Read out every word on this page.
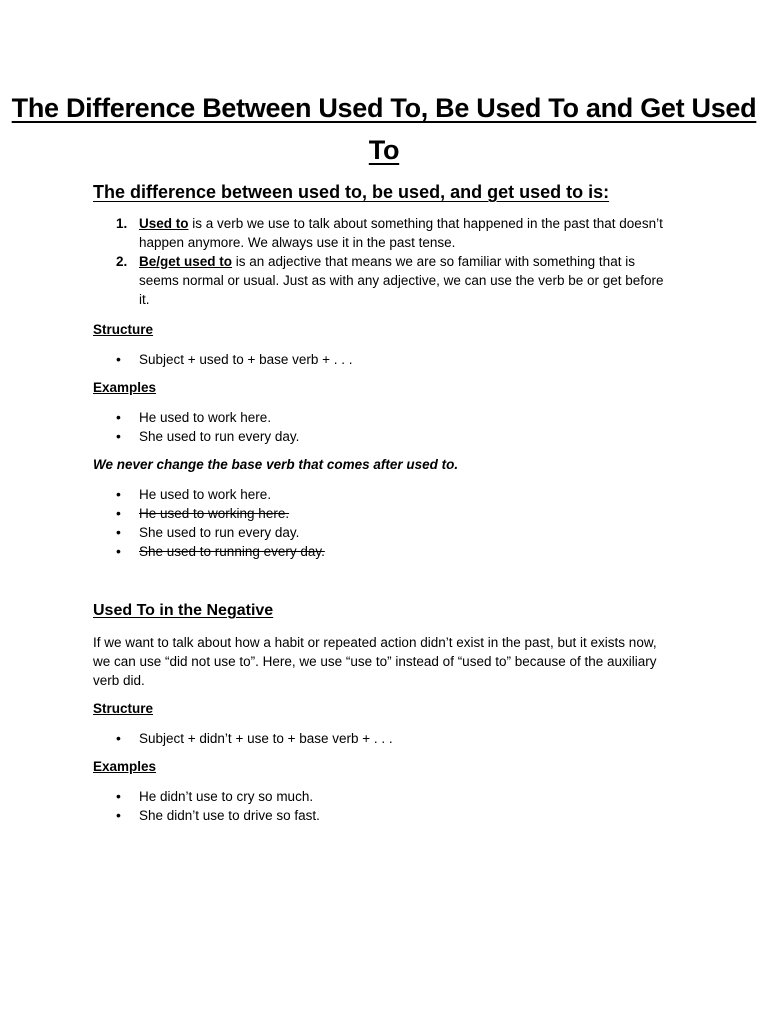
The Difference Between Used To, Be Used To and Get Used To
The difference between used to, be used, and get used to is:
1. Used to is a verb we use to talk about something that happened in the past that doesn’t happen anymore. We always use it in the past tense.
2. Be/get used to is an adjective that means we are so familiar with something that is seems normal or usual. Just as with any adjective, we can use the verb be or get before it.
Structure
• Subject + used to + base verb + . . .
Examples
• He used to work here.
• She used to run every day.
We never change the base verb that comes after used to.
• He used to work here.
• He used to working here.
• She used to run every day.
• She used to running every day.
Used To in the Negative
If we want to talk about how a habit or repeated action didn’t exist in the past, but it exists now, we can use “did not use to”. Here, we use “use to” instead of “used to” because of the auxiliary verb did.
Structure
• Subject + didn’t + use to + base verb + . . .
Examples
• He didn’t use to cry so much.
• She didn’t use to drive so fast.
